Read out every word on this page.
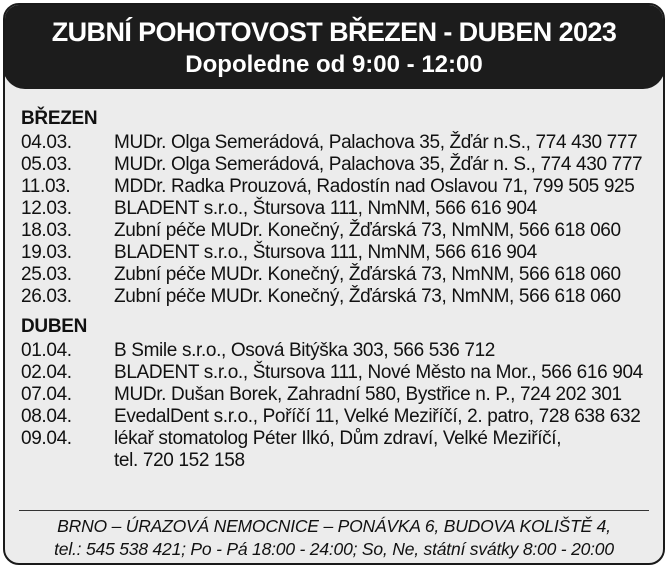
ZUBNÍ POHOTOVOST BŘEZEN - DUBEN 2023
Dopoledne od 9:00 - 12:00
BŘEZEN
04.03.	MUDr. Olga Semerádová, Palachova 35, Žďár n.S., 774 430 777
05.03.	MUDr. Olga Semerádová, Palachova 35, Žďár n. S., 774 430 777
11.03.	MDDr. Radka Prouzová, Radostín nad Oslavou 71, 799 505 925
12.03.	BLADENT s.r.o., Štursova 111, NmNM, 566 616 904
18.03.	Zubní péče MUDr. Konečný, Žďárská 73, NmNM, 566 618 060
19.03.	BLADENT s.r.o., Štursova 111, NmNM, 566 616 904
25.03.	Zubní péče MUDr. Konečný, Žďárská 73, NmNM, 566 618 060
26.03.	Zubní péče MUDr. Konečný, Žďárská 73, NmNM, 566 618 060
DUBEN
01.04.	B Smile s.r.o., Osová Bitýška 303, 566 536 712
02.04.	BLADENT s.r.o., Štursova 111, Nové Město na Mor., 566 616 904
07.04.	MUDr. Dušan Borek, Zahradní 580, Bystřice n. P., 724 202 301
08.04.	EvedalDent s.r.o., Poříčí 11, Velké Meziříčí, 2. patro, 728 638 632
09.04.	lékař stomatolog Péter Ilkó, Dům zdraví, Velké Meziříčí,
tel. 720 152 158
BRNO – ÚRAZOVÁ NEMOCNICE – PONÁVKA 6, BUDOVA KOLIŠTĚ 4,
tel.: 545 538 421; Po - Pá 18:00 - 24:00; So, Ne, státní svátky 8:00 - 20:00
